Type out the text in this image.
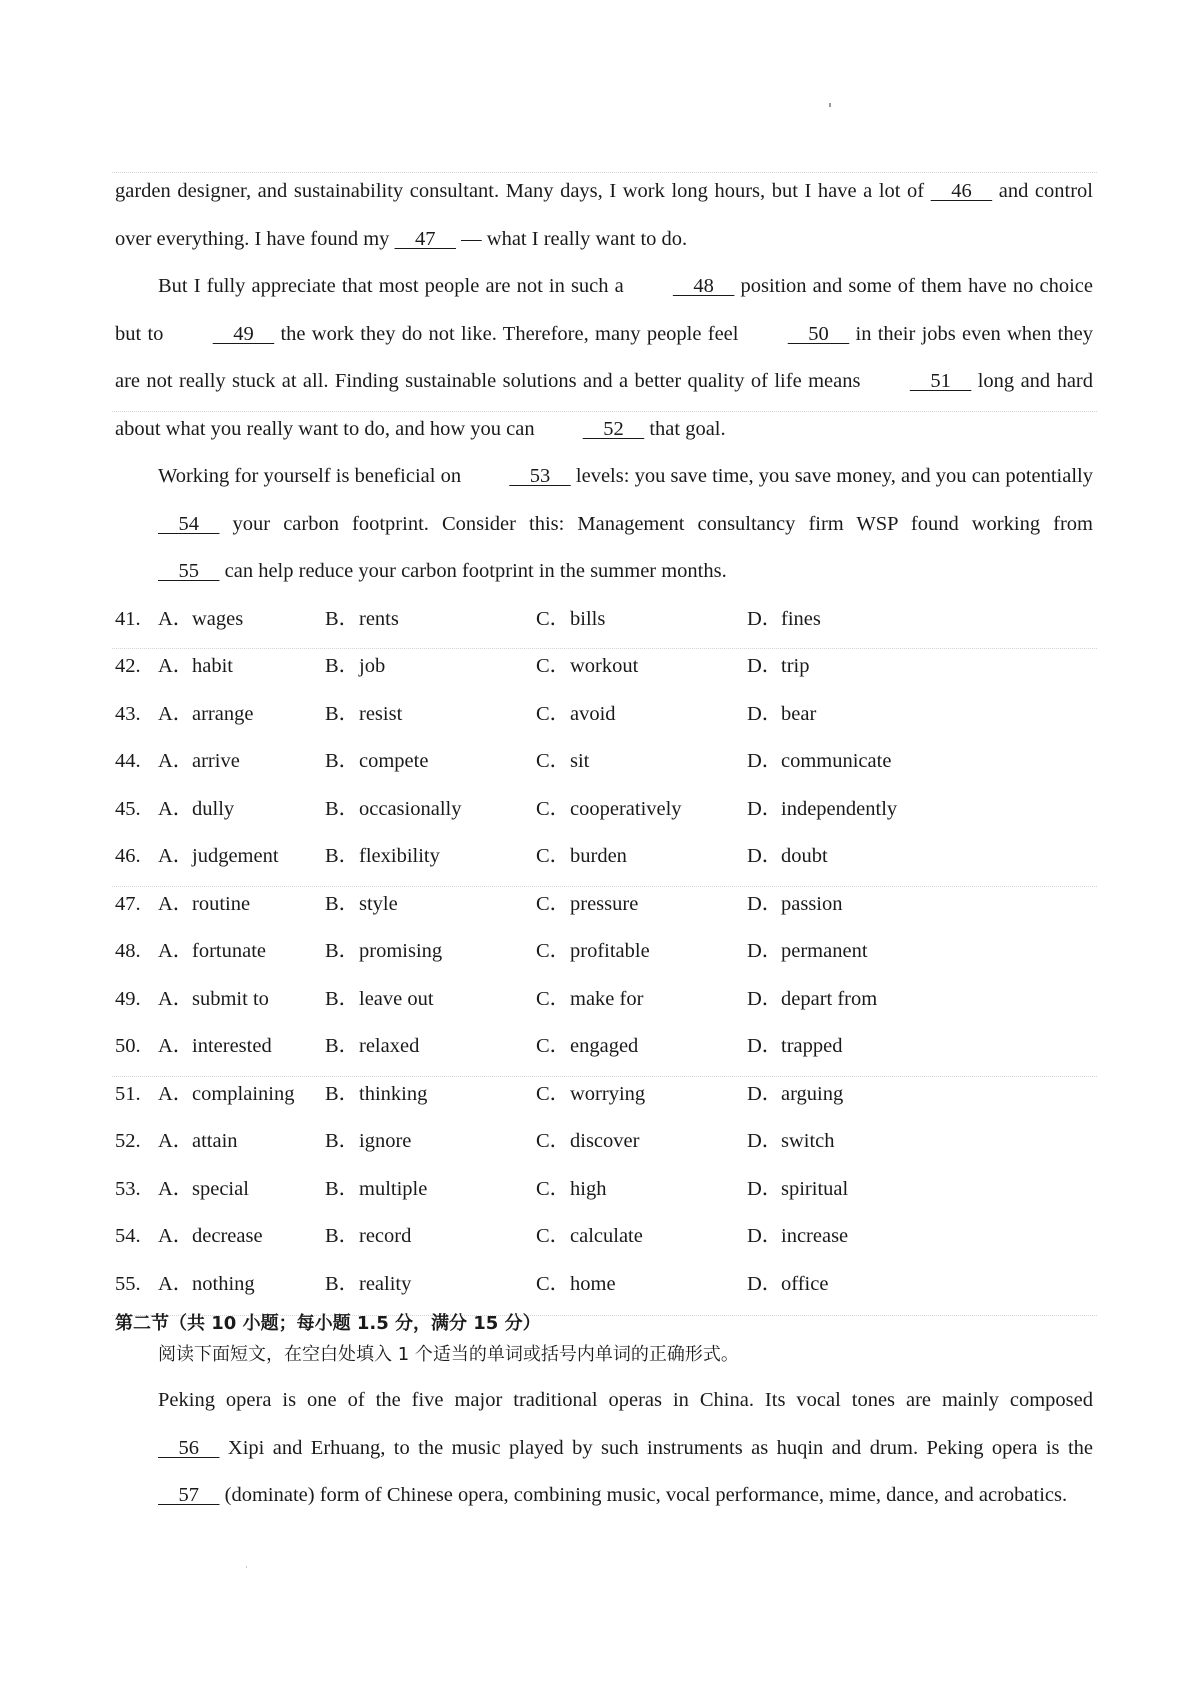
garden designer, and sustainability consultant. Many days, I work long hours, but I have a lot of     46     and control over everything. I have found my     47     — what I really want to do.

But I fully appreciate that most people are not in such a     48     position and some of them have no choice but to     49     the work they do not like. Therefore, many people feel     50     in their jobs even when they are not really stuck at all. Finding sustainable solutions and a better quality of life means     51     long and hard about what you really want to do, and how you can     52     that goal.

Working for yourself is beneficial on     53     levels: you save time, you save money, and you can potentially     54     your carbon footprint. Consider this: Management consultancy firm WSP found working from     55     can help reduce your carbon footprint in the summer months.

41. A．wages	B．rents	C．bills	D．fines
42. A．habit	B．job	C．workout	D．trip
43. A．arrange	B．resist	C．avoid	D．bear
44. A．arrive	B．compete	C．sit	D．communicate
45. A．dully	B．occasionally	C．cooperatively	D．independently
46. A．judgement B．flexibility	C．burden	D．doubt
47. A．routine	B．style	C．pressure	D．passion
48. A．fortunate	B．promising	C．profitable	D．permanent
49. A．submit to	B．leave out	C．make for	D．depart from
50. A．interested	B．relaxed	C．engaged	D．trapped
51. A．complaining B．thinking	C．worrying	D．arguing
52. A．attain	B．ignore	C．discover	D．switch
53. A．special	B．multiple	C．high	D．spiritual
54. A．decrease	B．record	C．calculate	D．increase
55. A．nothing	B．reality	C．home	D．office

第二节（共 10 小题；每小题 1.5 分，满分 15 分）

阅读下面短文，在空白处填入 1 个适当的单词或括号内单词的正确形式。

Peking opera is one of the five major traditional operas in China. Its vocal tones are mainly composed     56     Xipi and Erhuang, to the music played by such instruments as huqin and drum. Peking opera is the     57     (dominate) form of Chinese opera, combining music, vocal performance, mime, dance, and acrobatics.
